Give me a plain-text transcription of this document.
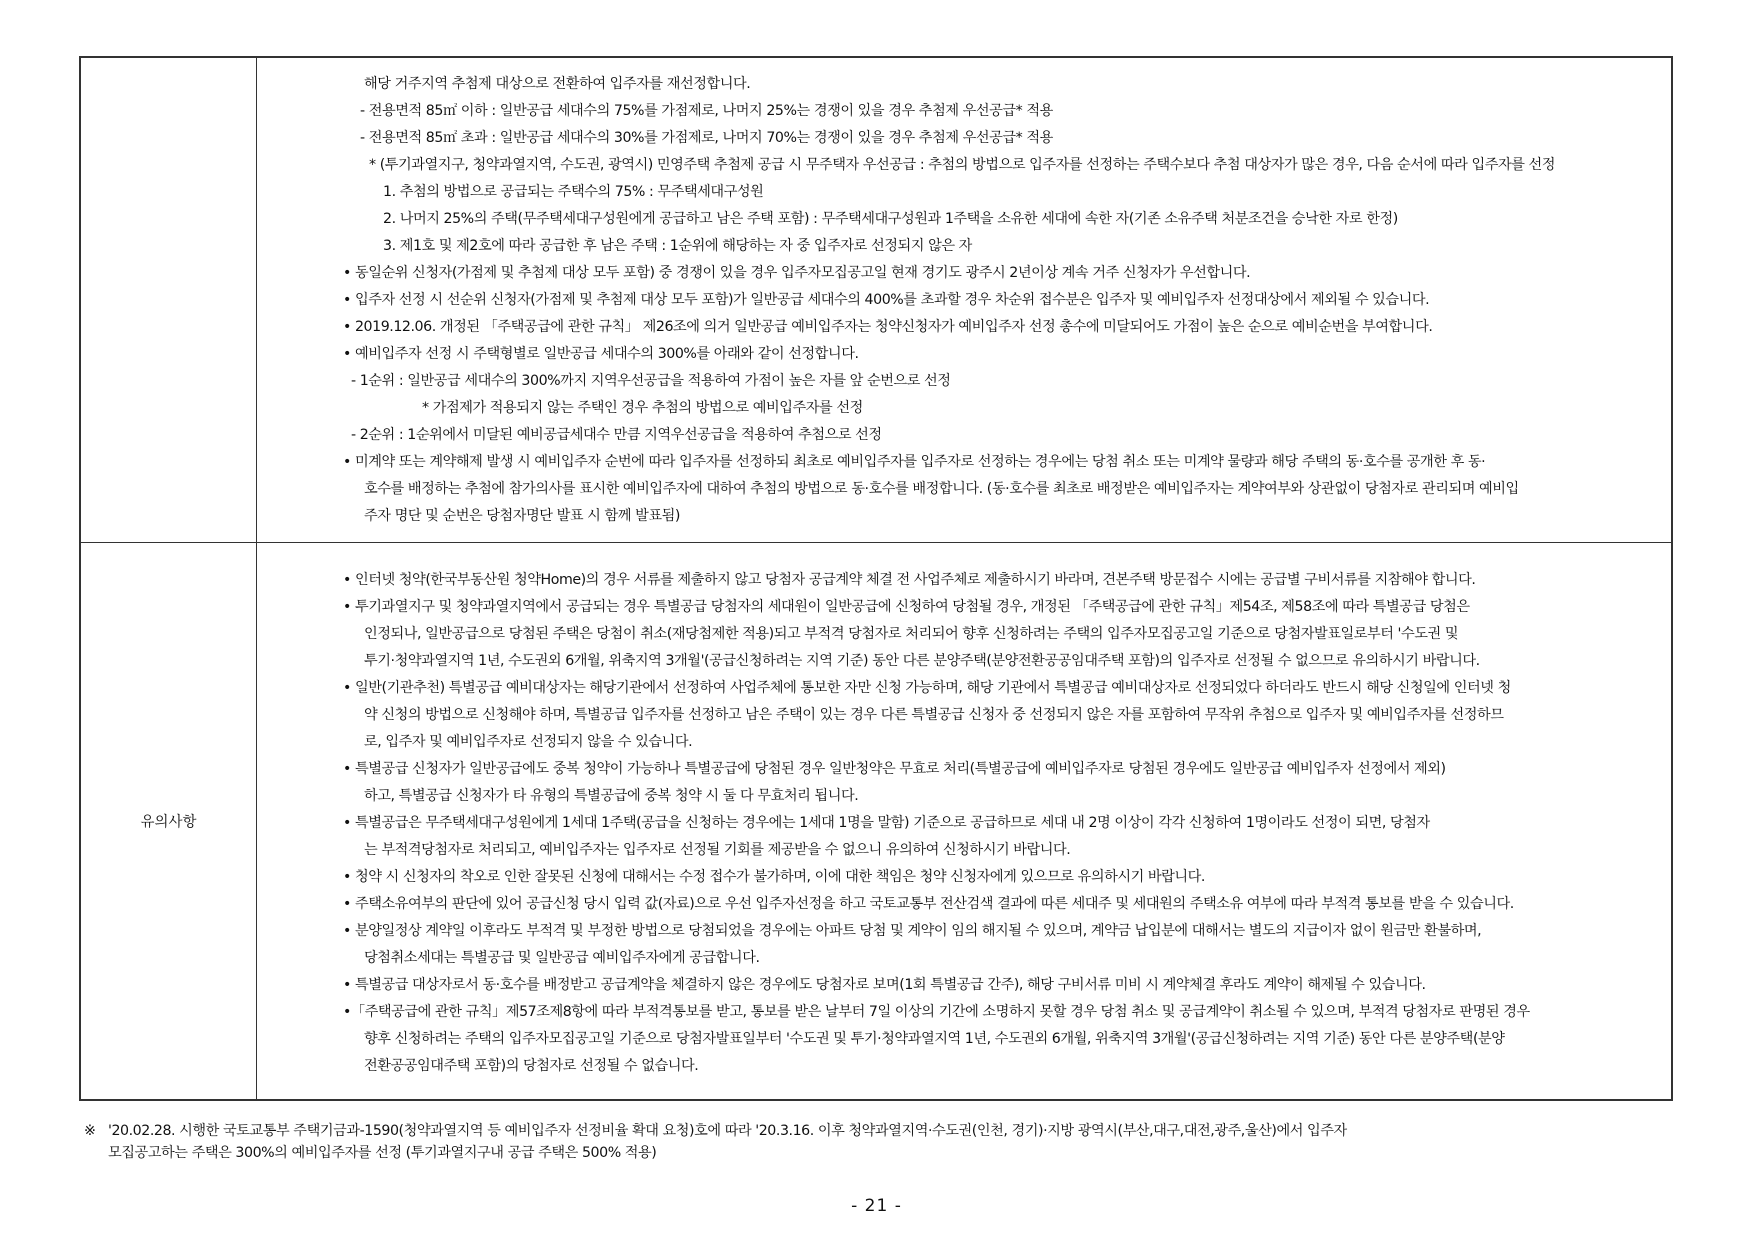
해당 거주지역 추첨제 대상으로 전환하여 입주자를 재선정합니다.
- 전용면적 85㎡ 이하 : 일반공급 세대수의 75%를 가점제로, 나머지 25%는 경쟁이 있을 경우 추첨제 우선공급* 적용
- 전용면적 85㎡ 초과 : 일반공급 세대수의 30%를 가점제로, 나머지 70%는 경쟁이 있을 경우 추첨제 우선공급* 적용
* (투기과열지구, 청약과열지역, 수도권, 광역시) 민영주택 추첨제 공급 시 무주택자 우선공급 : 추첨의 방법으로 입주자를 선정하는 주택수보다 추첨 대상자가 많은 경우, 다음 순서에 따라 입주자를 선정
1. 추첨의 방법으로 공급되는 주택수의 75% : 무주택세대구성원
2. 나머지 25%의 주택(무주택세대구성원에게 공급하고 남은 주택 포함) : 무주택세대구성원과 1주택을 소유한 세대에 속한 자(기존 소유주택 처분조건을 승낙한 자로 한정)
3. 제1호 및 제2호에 따라 공급한 후 남은 주택 : 1순위에 해당하는 자 중 입주자로 선정되지 않은 자
• 동일순위 신청자(가점제 및 추첨제 대상 모두 포함) 중 경쟁이 있을 경우 입주자모집공고일 현재 경기도 광주시 2년이상 계속 거주 신청자가 우선합니다.
• 입주자 선정 시 선순위 신청자(가점제 및 추첨제 대상 모두 포함)가 일반공급 세대수의 400%를 초과할 경우 차순위 접수분은 입주자 및 예비입주자 선정대상에서 제외될 수 있습니다.
• 2019.12.06. 개정된 「주택공급에 관한 규칙」 제26조에 의거 일반공급 예비입주자는 청약신청자가 예비입주자 선정 총수에 미달되어도 가점이 높은 순으로 예비순번을 부여합니다.
• 예비입주자 선정 시 주택형별로 일반공급 세대수의 300%를 아래와 같이 선정합니다.
- 1순위 : 일반공급 세대수의 300%까지 지역우선공급을 적용하여 가점이 높은 자를 앞 순번으로 선정
* 가점제가 적용되지 않는 주택인 경우 추첨의 방법으로 예비입주자를 선정
- 2순위 : 1순위에서 미달된 예비공급세대수 만큼 지역우선공급을 적용하여 추첨으로 선정
• 미계약 또는 계약해제 발생 시 예비입주자 순번에 따라 입주자를 선정하되 최초로 예비입주자를 입주자로 선정하는 경우에는 당첨 취소 또는 미계약 물량과 해당 주택의 동·호수를 공개한 후 동·
호수를 배정하는 추첨에 참가의사를 표시한 예비입주자에 대하여 추첨의 방법으로 동·호수를 배정합니다. (동·호수를 최초로 배정받은 예비입주자는 계약여부와 상관없이 당첨자로 관리되며 예비입
주자 명단 및 순번은 당첨자명단 발표 시 함께 발표됨)
유의사항
• 인터넷 청약(한국부동산원 청약Home)의 경우 서류를 제출하지 않고 당첨자 공급계약 체결 전 사업주체로 제출하시기 바라며, 견본주택 방문접수 시에는 공급별 구비서류를 지참해야 합니다.
• 투기과열지구 및 청약과열지역에서 공급되는 경우 특별공급 당첨자의 세대원이 일반공급에 신청하여 당첨될 경우, 개정된 「주택공급에 관한 규칙」제54조, 제58조에 따라 특별공급 당첨은
인정되나, 일반공급으로 당첨된 주택은 당첨이 취소(재당첨제한 적용)되고 부적격 당첨자로 처리되어 향후 신청하려는 주택의 입주자모집공고일 기준으로 당첨자발표일로부터 '수도권 및
투기·청약과열지역 1년, 수도권외 6개월, 위축지역 3개월'(공급신청하려는 지역 기준) 동안 다른 분양주택(분양전환공공임대주택 포함)의 입주자로 선정될 수 없으므로 유의하시기 바랍니다.
• 일반(기관추천) 특별공급 예비대상자는 해당기관에서 선정하여 사업주체에 통보한 자만 신청 가능하며, 해당 기관에서 특별공급 예비대상자로 선정되었다 하더라도 반드시 해당 신청일에 인터넷 청
약 신청의 방법으로 신청해야 하며, 특별공급 입주자를 선정하고 남은 주택이 있는 경우 다른 특별공급 신청자 중 선정되지 않은 자를 포함하여 무작위 추첨으로 입주자 및 예비입주자를 선정하므
로, 입주자 및 예비입주자로 선정되지 않을 수 있습니다.
• 특별공급 신청자가 일반공급에도 중복 청약이 가능하나 특별공급에 당첨된 경우 일반청약은 무효로 처리(특별공급에 예비입주자로 당첨된 경우에도 일반공급 예비입주자 선정에서 제외)
하고, 특별공급 신청자가 타 유형의 특별공급에 중복 청약 시 둘 다 무효처리 됩니다.
• 특별공급은 무주택세대구성원에게 1세대 1주택(공급을 신청하는 경우에는 1세대 1명을 말함) 기준으로 공급하므로 세대 내 2명 이상이 각각 신청하여 1명이라도 선정이 되면, 당첨자
는 부적격당첨자로 처리되고, 예비입주자는 입주자로 선정될 기회를 제공받을 수 없으니 유의하여 신청하시기 바랍니다.
• 청약 시 신청자의 착오로 인한 잘못된 신청에 대해서는 수정 접수가 불가하며, 이에 대한 책임은 청약 신청자에게 있으므로 유의하시기 바랍니다.
• 주택소유여부의 판단에 있어 공급신청 당시 입력 값(자료)으로 우선 입주자선정을 하고 국토교통부 전산검색 결과에 따른 세대주 및 세대원의 주택소유 여부에 따라 부적격 통보를 받을 수 있습니다.
• 분양일정상 계약일 이후라도 부적격 및 부정한 방법으로 당첨되었을 경우에는 아파트 당첨 및 계약이 임의 해지될 수 있으며, 계약금 납입분에 대해서는 별도의 지급이자 없이 원금만 환불하며,
당첨취소세대는 특별공급 및 일반공급 예비입주자에게 공급합니다.
• 특별공급 대상자로서 동·호수를 배정받고 공급계약을 체결하지 않은 경우에도 당첨자로 보며(1회 특별공급 간주), 해당 구비서류 미비 시 계약체결 후라도 계약이 해제될 수 있습니다.
•「주택공급에 관한 규칙」제57조제8항에 따라 부적격통보를 받고, 통보를 받은 날부터 7일 이상의 기간에 소명하지 못할 경우 당첨 취소 및 공급계약이 취소될 수 있으며, 부적격 당첨자로 판명된 경우
향후 신청하려는 주택의 입주자모집공고일 기준으로 당첨자발표일부터 '수도권 및 투기·청약과열지역 1년, 수도권외 6개월, 위축지역 3개월'(공급신청하려는 지역 기준) 동안 다른 분양주택(분양
전환공공임대주택 포함)의 당첨자로 선정될 수 없습니다.
※ '20.02.28. 시행한 국토교통부 주택기금과-1590(청약과열지역 등 예비입주자 선정비율 확대 요청)호에 따라 '20.3.16. 이후 청약과열지역·수도권(인천, 경기)·지방 광역시(부산,대구,대전,광주,울산)에서 입주자
모집공고하는 주택은 300%의 예비입주자를 선정 (투기과열지구내 공급 주택은 500% 적용)
- 21 -
